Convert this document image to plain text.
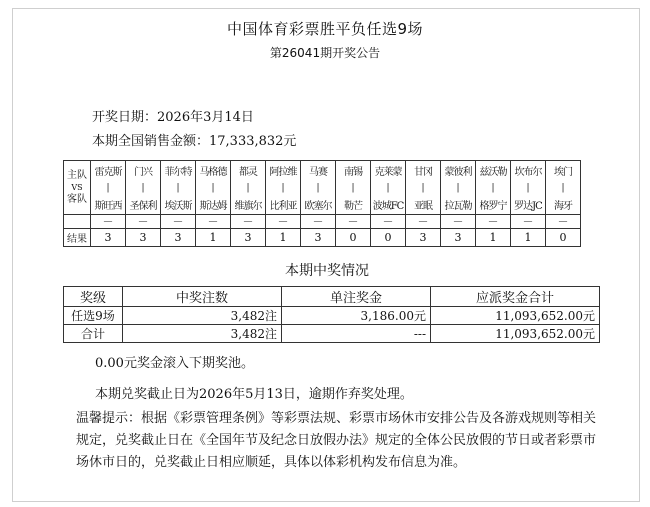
中国体育彩票胜平负任选9场
第26041期开奖公告
开奖日期：2026年3月14日
本期全国销售金额：17,333,832元
主队
VS
客队	雷克斯	门兴	菲尔特	马格德	都灵	阿拉维	马赛	南锡	克莱蒙	甘冈	蒙彼利	兹沃勒	坎布尔	埃门
	|	|	|	|	|	|	|	|	|	|	|	|	|	|
	斯旺西	圣保利	埃沃斯	斯达姆	维旗尔	比利亚	欧塞尔	勒芒	波城FC	亚眠	拉瓦勒	格罗宁	罗达JC	海牙
	—	—	—	—	—	—	—	—	—	—	—	—	—	—
结果	3	3	3	1	3	1	3	0	0	3	3	1	1	0
本期中奖情况
奖级	中奖注数	单注奖金	应派奖金合计
任选9场	3,482注	3,186.00元	11,093,652.00元
合计	3,482注	---	11,093,652.00元
0.00元奖金滚入下期奖池。
本期兑奖截止日为2026年5月13日，逾期作弃奖处理。
温馨提示：根据《彩票管理条例》等彩票法规、彩票市场休市安排公告及各游戏规则等相关规定，兑奖截止日在《全国年节及纪念日放假办法》规定的全体公民放假的节日或者彩票市场休市日的，兑奖截止日相应顺延，具体以体彩机构发布信息为准。
